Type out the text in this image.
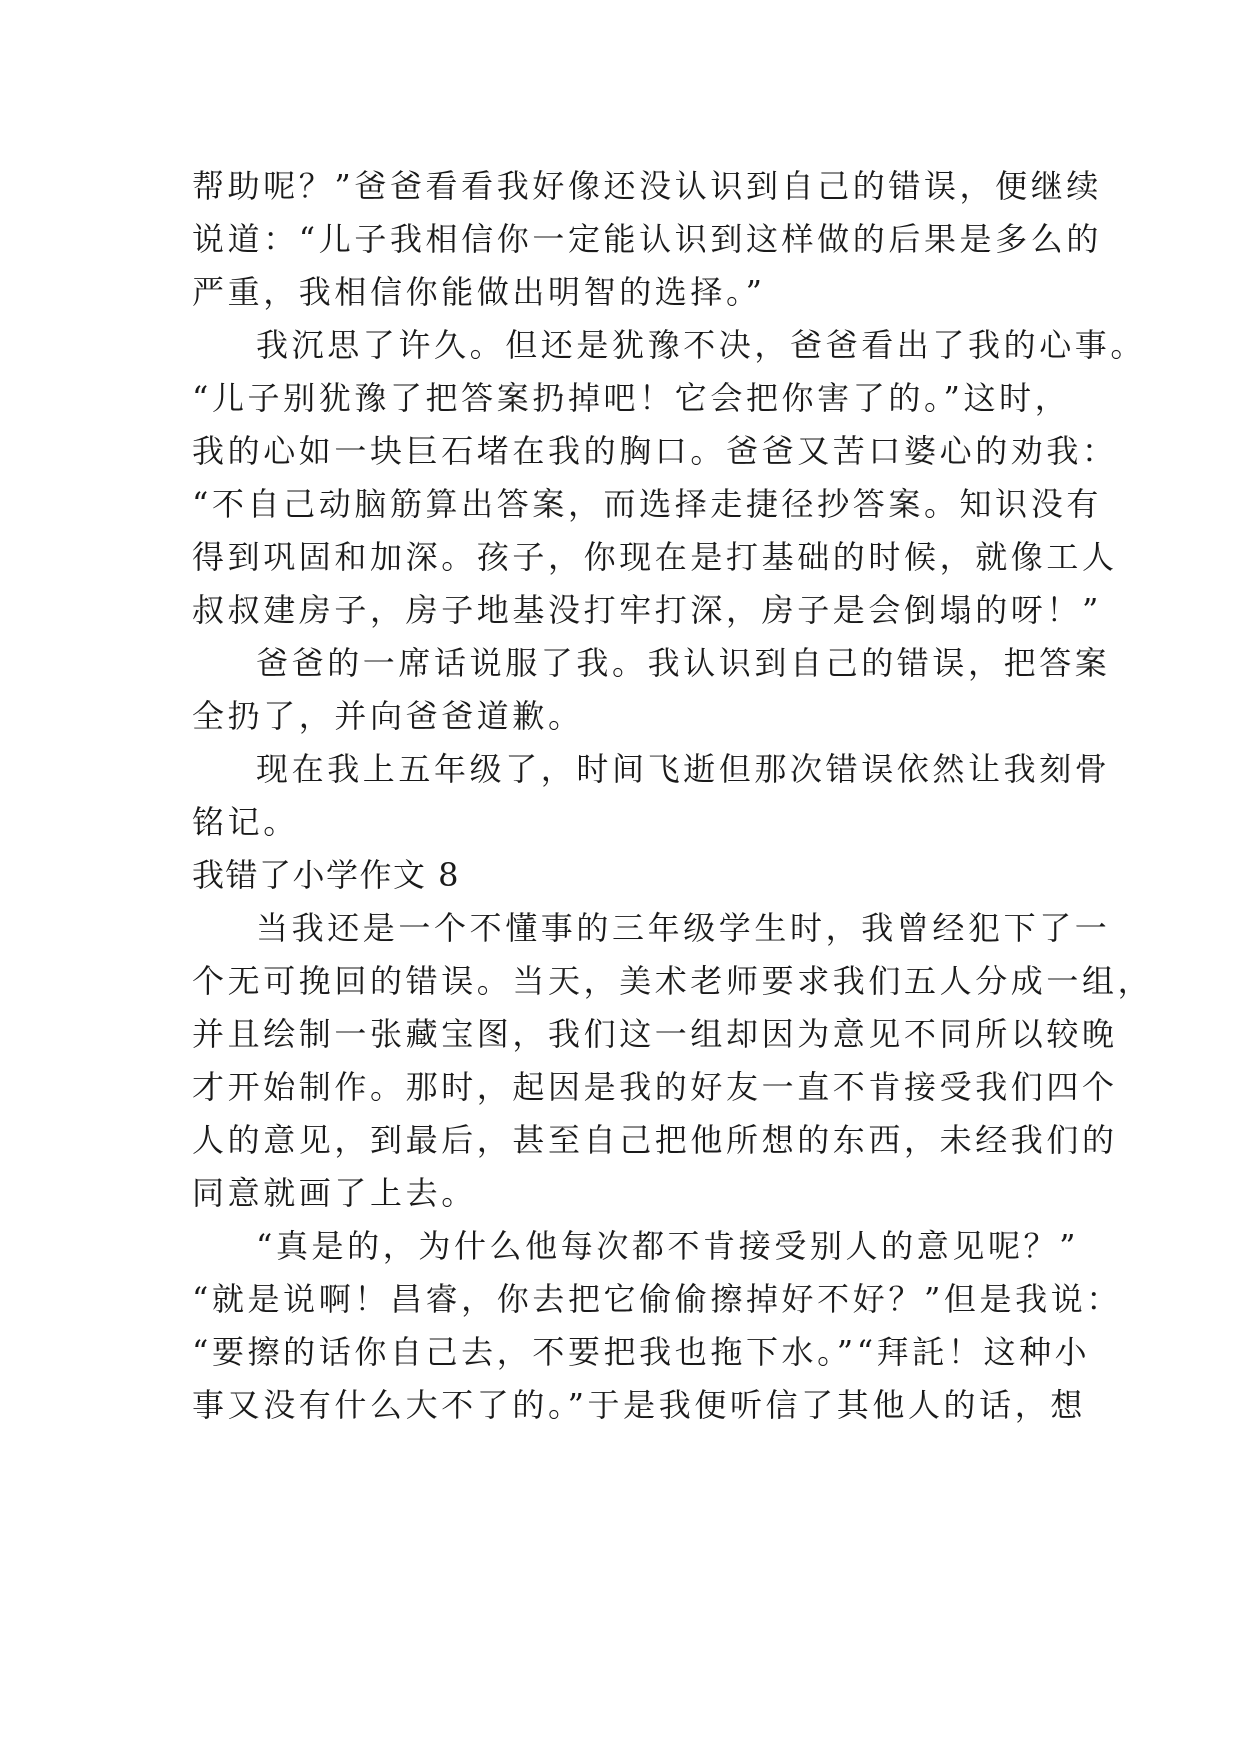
帮助呢？”爸爸看看我好像还没认识到自己的错误，便继续
说道：“儿子我相信你一定能认识到这样做的后果是多么的
严重，我相信你能做出明智的选择。”
我沉思了许久。但还是犹豫不决，爸爸看出了我的心事。
“儿子别犹豫了把答案扔掉吧！它会把你害了的。”这时，
我的心如一块巨石堵在我的胸口。爸爸又苦口婆心的劝我：
“不自己动脑筋算出答案，而选择走捷径抄答案。知识没有
得到巩固和加深。孩子，你现在是打基础的时候，就像工人
叔叔建房子，房子地基没打牢打深，房子是会倒塌的呀！”
爸爸的一席话说服了我。我认识到自己的错误，把答案
全扔了，并向爸爸道歉。
现在我上五年级了，时间飞逝但那次错误依然让我刻骨
铭记。
我错了小学作文 8
当我还是一个不懂事的三年级学生时，我曾经犯下了一
个无可挽回的错误。当天，美术老师要求我们五人分成一组，
并且绘制一张藏宝图，我们这一组却因为意见不同所以较晚
才开始制作。那时，起因是我的好友一直不肯接受我们四个
人的意见，到最后，甚至自己把他所想的东西，未经我们的
同意就画了上去。
“真是的，为什么他每次都不肯接受别人的意见呢？”
“就是说啊！昌睿，你去把它偷偷擦掉好不好？”但是我说：
“要擦的话你自己去，不要把我也拖下水。”“拜託！这种小
事又没有什么大不了的。”于是我便听信了其他人的话，想
